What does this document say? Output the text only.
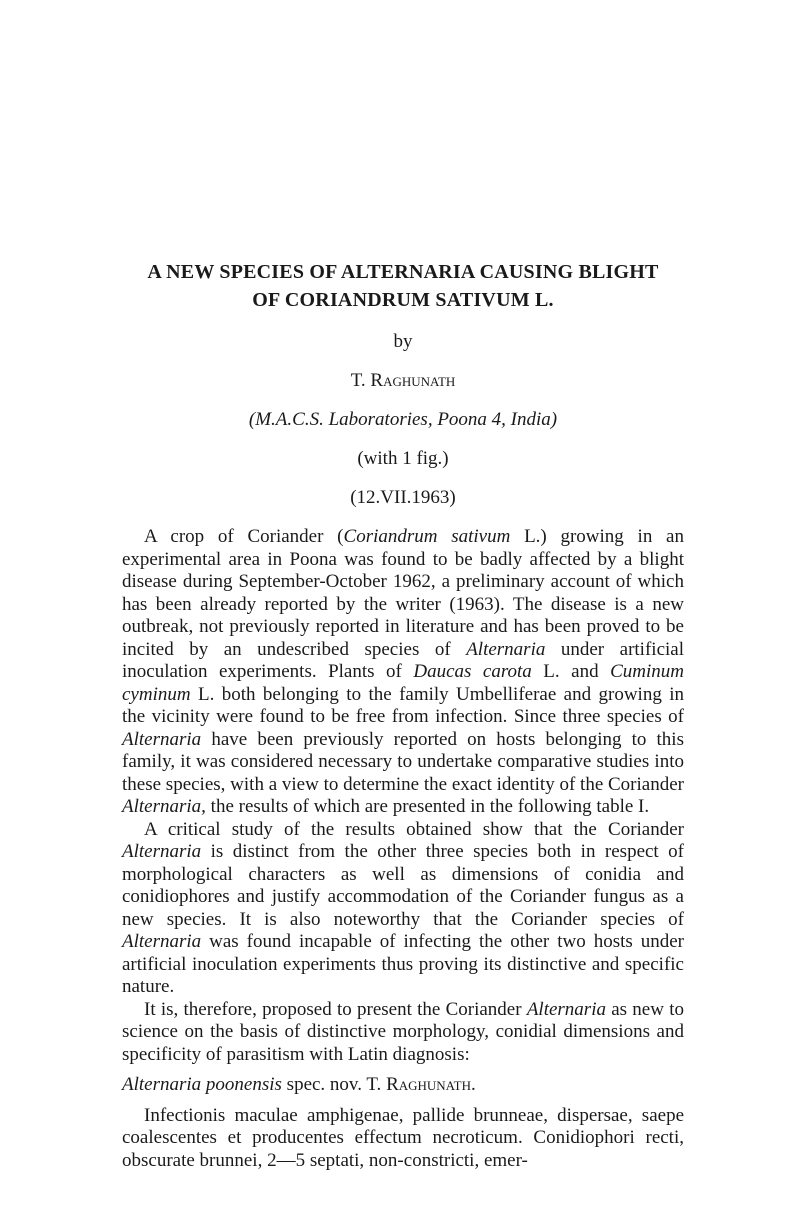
A NEW SPECIES OF ALTERNARIA CAUSING BLIGHT
OF CORIANDRUM SATIVUM L.

by

T. Raghunath

(M.A.C.S. Laboratories, Poona 4, India)

(with 1 fig.)

(12.VII.1963)

A crop of Coriander (Coriandrum sativum L.) growing in an experimental area in Poona was found to be badly affected by a blight disease during September-October 1962, a preliminary account of which has been already reported by the writer (1963). The disease is a new outbreak, not previously reported in literature and has been proved to be incited by an undescribed species of Alternaria under artificial inoculation experiments. Plants of Daucas carota L. and Cuminum cyminum L. both belonging to the family Umbelliferae and growing in the vicinity were found to be free from infection. Since three species of Alternaria have been previously reported on hosts belonging to this family, it was considered necessary to undertake comparative studies into these species, with a view to determine the exact identity of the Coriander Alternaria, the results of which are presented in the following table I.

A critical study of the results obtained show that the Coriander Alternaria is distinct from the other three species both in respect of morphological characters as well as dimensions of conidia and conidiophores and justify accommodation of the Coriander fungus as a new species. It is also noteworthy that the Coriander species of Alternaria was found incapable of infecting the other two hosts under artificial inoculation experiments thus proving its distinctive and specific nature.

It is, therefore, proposed to present the Coriander Alternaria as new to science on the basis of distinctive morphology, conidial dimensions and specificity of parasitism with Latin diagnosis:

Alternaria poonensis spec. nov. T. Raghunath.

Infectionis maculae amphigenae, pallide brunneae, dispersae, saepe coalescentes et producentes effectum necroticum. Conidiophori recti, obscurate brunnei, 2—5 septati, non-constricti, emer-
